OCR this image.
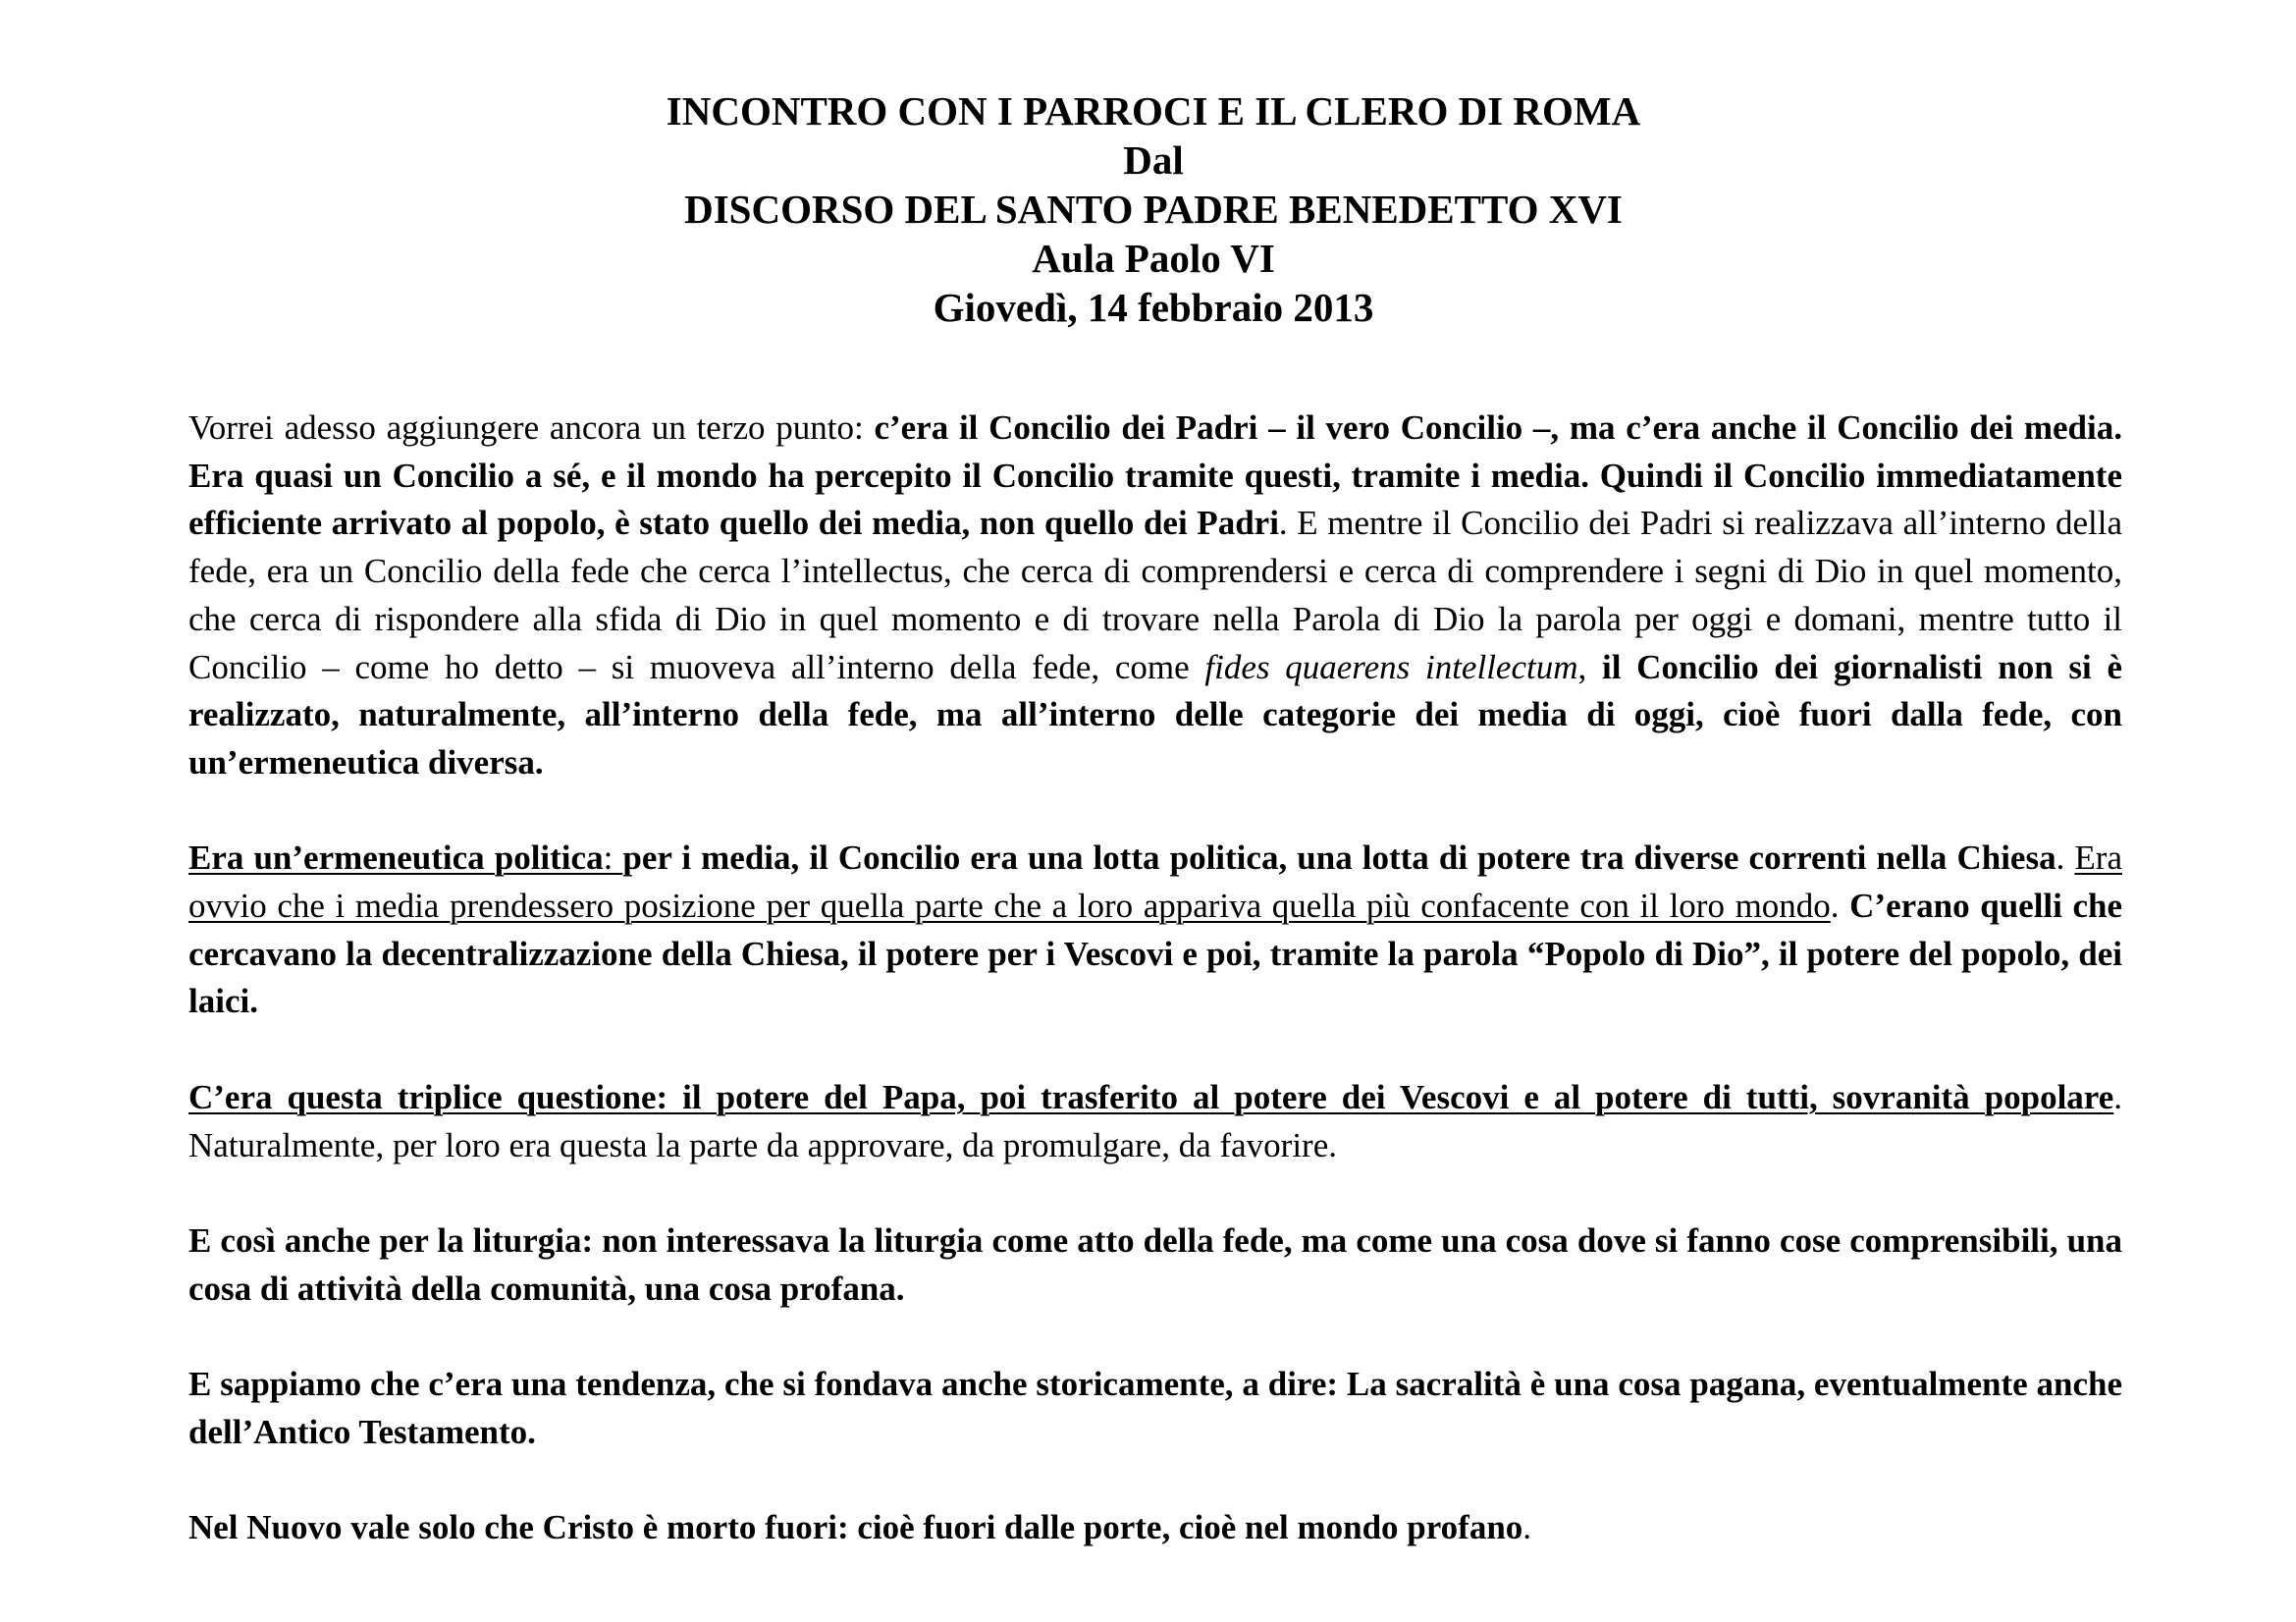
INCONTRO CON I PARROCI E IL CLERO DI ROMA
Dal
DISCORSO DEL SANTO PADRE BENEDETTO XVI
Aula Paolo VI
Giovedì, 14 febbraio 2013

Vorrei adesso aggiungere ancora un terzo punto: c’era il Concilio dei Padri – il vero Concilio –, ma c’era anche il Concilio dei media. Era quasi un Concilio a sé, e il mondo ha percepito il Concilio tramite questi, tramite i media. Quindi il Concilio immediatamente efficiente arrivato al popolo, è stato quello dei media, non quello dei Padri. E mentre il Concilio dei Padri si realizzava all’interno della fede, era un Concilio della fede che cerca l’intellectus, che cerca di comprendersi e cerca di comprendere i segni di Dio in quel momento, che cerca di rispondere alla sfida di Dio in quel momento e di trovare nella Parola di Dio la parola per oggi e domani, mentre tutto il Concilio – come ho detto – si muoveva all’interno della fede, come fides quaerens intellectum, il Concilio dei giornalisti non si è realizzato, naturalmente, all’interno della fede, ma all’interno delle categorie dei media di oggi, cioè fuori dalla fede, con un’ermeneutica diversa.

Era un’ermeneutica politica: per i media, il Concilio era una lotta politica, una lotta di potere tra diverse correnti nella Chiesa. Era ovvio che i media prendessero posizione per quella parte che a loro appariva quella più confacente con il loro mondo. C’erano quelli che cercavano la decentralizzazione della Chiesa, il potere per i Vescovi e poi, tramite la parola “Popolo di Dio”, il potere del popolo, dei laici.

C’era questa triplice questione: il potere del Papa, poi trasferito al potere dei Vescovi e al potere di tutti, sovranità popolare. Naturalmente, per loro era questa la parte da approvare, da promulgare, da favorire.

E così anche per la liturgia: non interessava la liturgia come atto della fede, ma come una cosa dove si fanno cose comprensibili, una cosa di attività della comunità, una cosa profana.

E sappiamo che c’era una tendenza, che si fondava anche storicamente, a dire: La sacralità è una cosa pagana, eventualmente anche dell’Antico Testamento.

Nel Nuovo vale solo che Cristo è morto fuori: cioè fuori dalle porte, cioè nel mondo profano.
